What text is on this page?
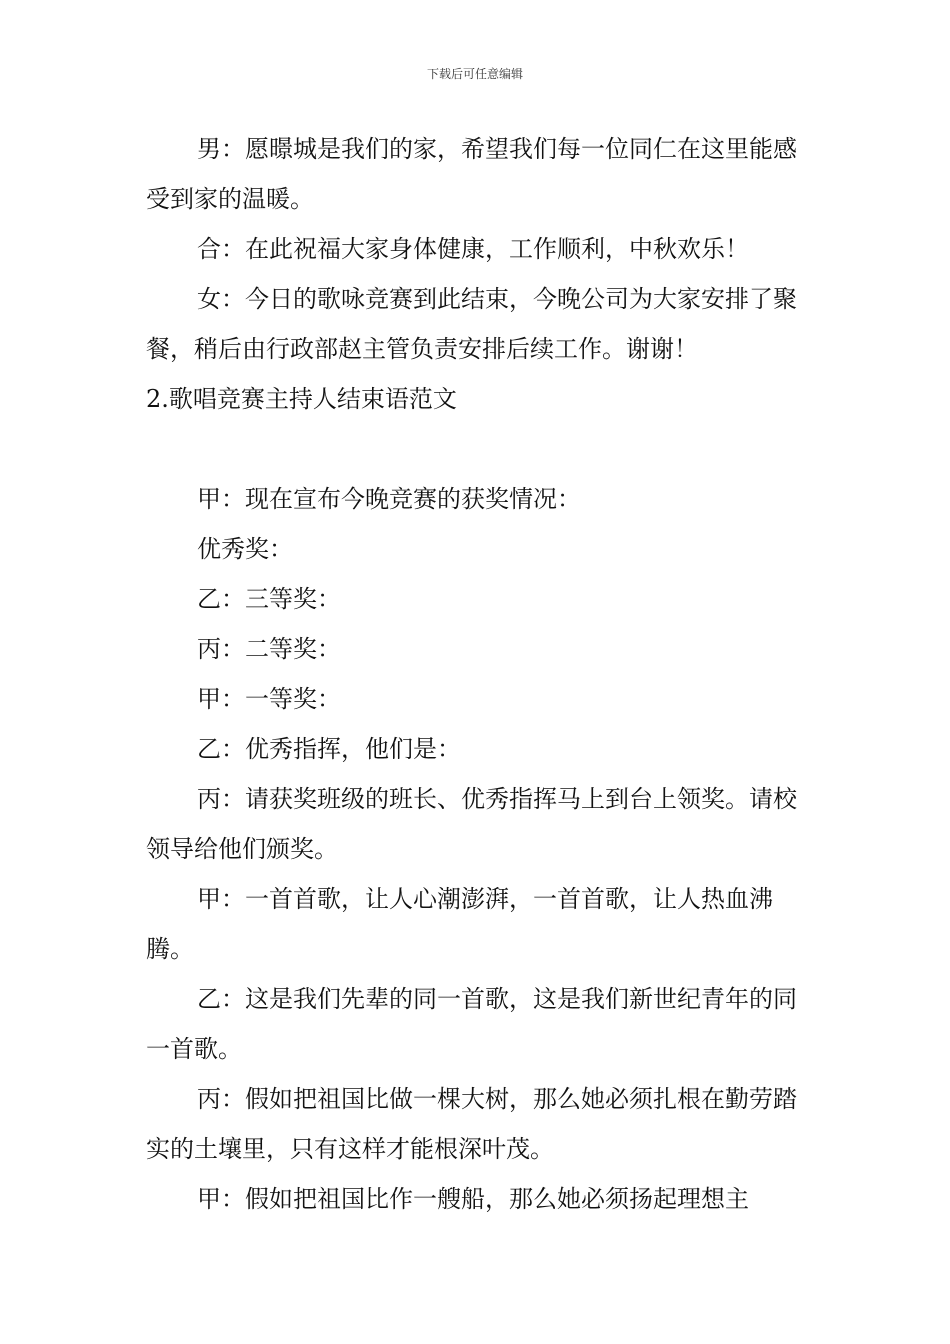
下载后可任意编辑

男：愿暻城是我们的家，希望我们每一位同仁在这里能感受到家的温暖。

合：在此祝福大家身体健康，工作顺利，中秋欢乐！

女：今日的歌咏竞赛到此结束，今晚公司为大家安排了聚餐，稍后由行政部赵主管负责安排后续工作。谢谢！

2.歌唱竞赛主持人结束语范文

甲：现在宣布今晚竞赛的获奖情况：

优秀奖：

乙：三等奖：

丙：二等奖：

甲：一等奖：

乙：优秀指挥，他们是：

丙：请获奖班级的班长、优秀指挥马上到台上领奖。请校领导给他们颁奖。

甲：一首首歌，让人心潮澎湃，一首首歌，让人热血沸腾。

乙：这是我们先辈的同一首歌，这是我们新世纪青年的同一首歌。

丙：假如把祖国比做一棵大树，那么她必须扎根在勤劳踏实的土壤里，只有这样才能根深叶茂。

甲：假如把祖国比作一艘船，那么她必须扬起理想主
